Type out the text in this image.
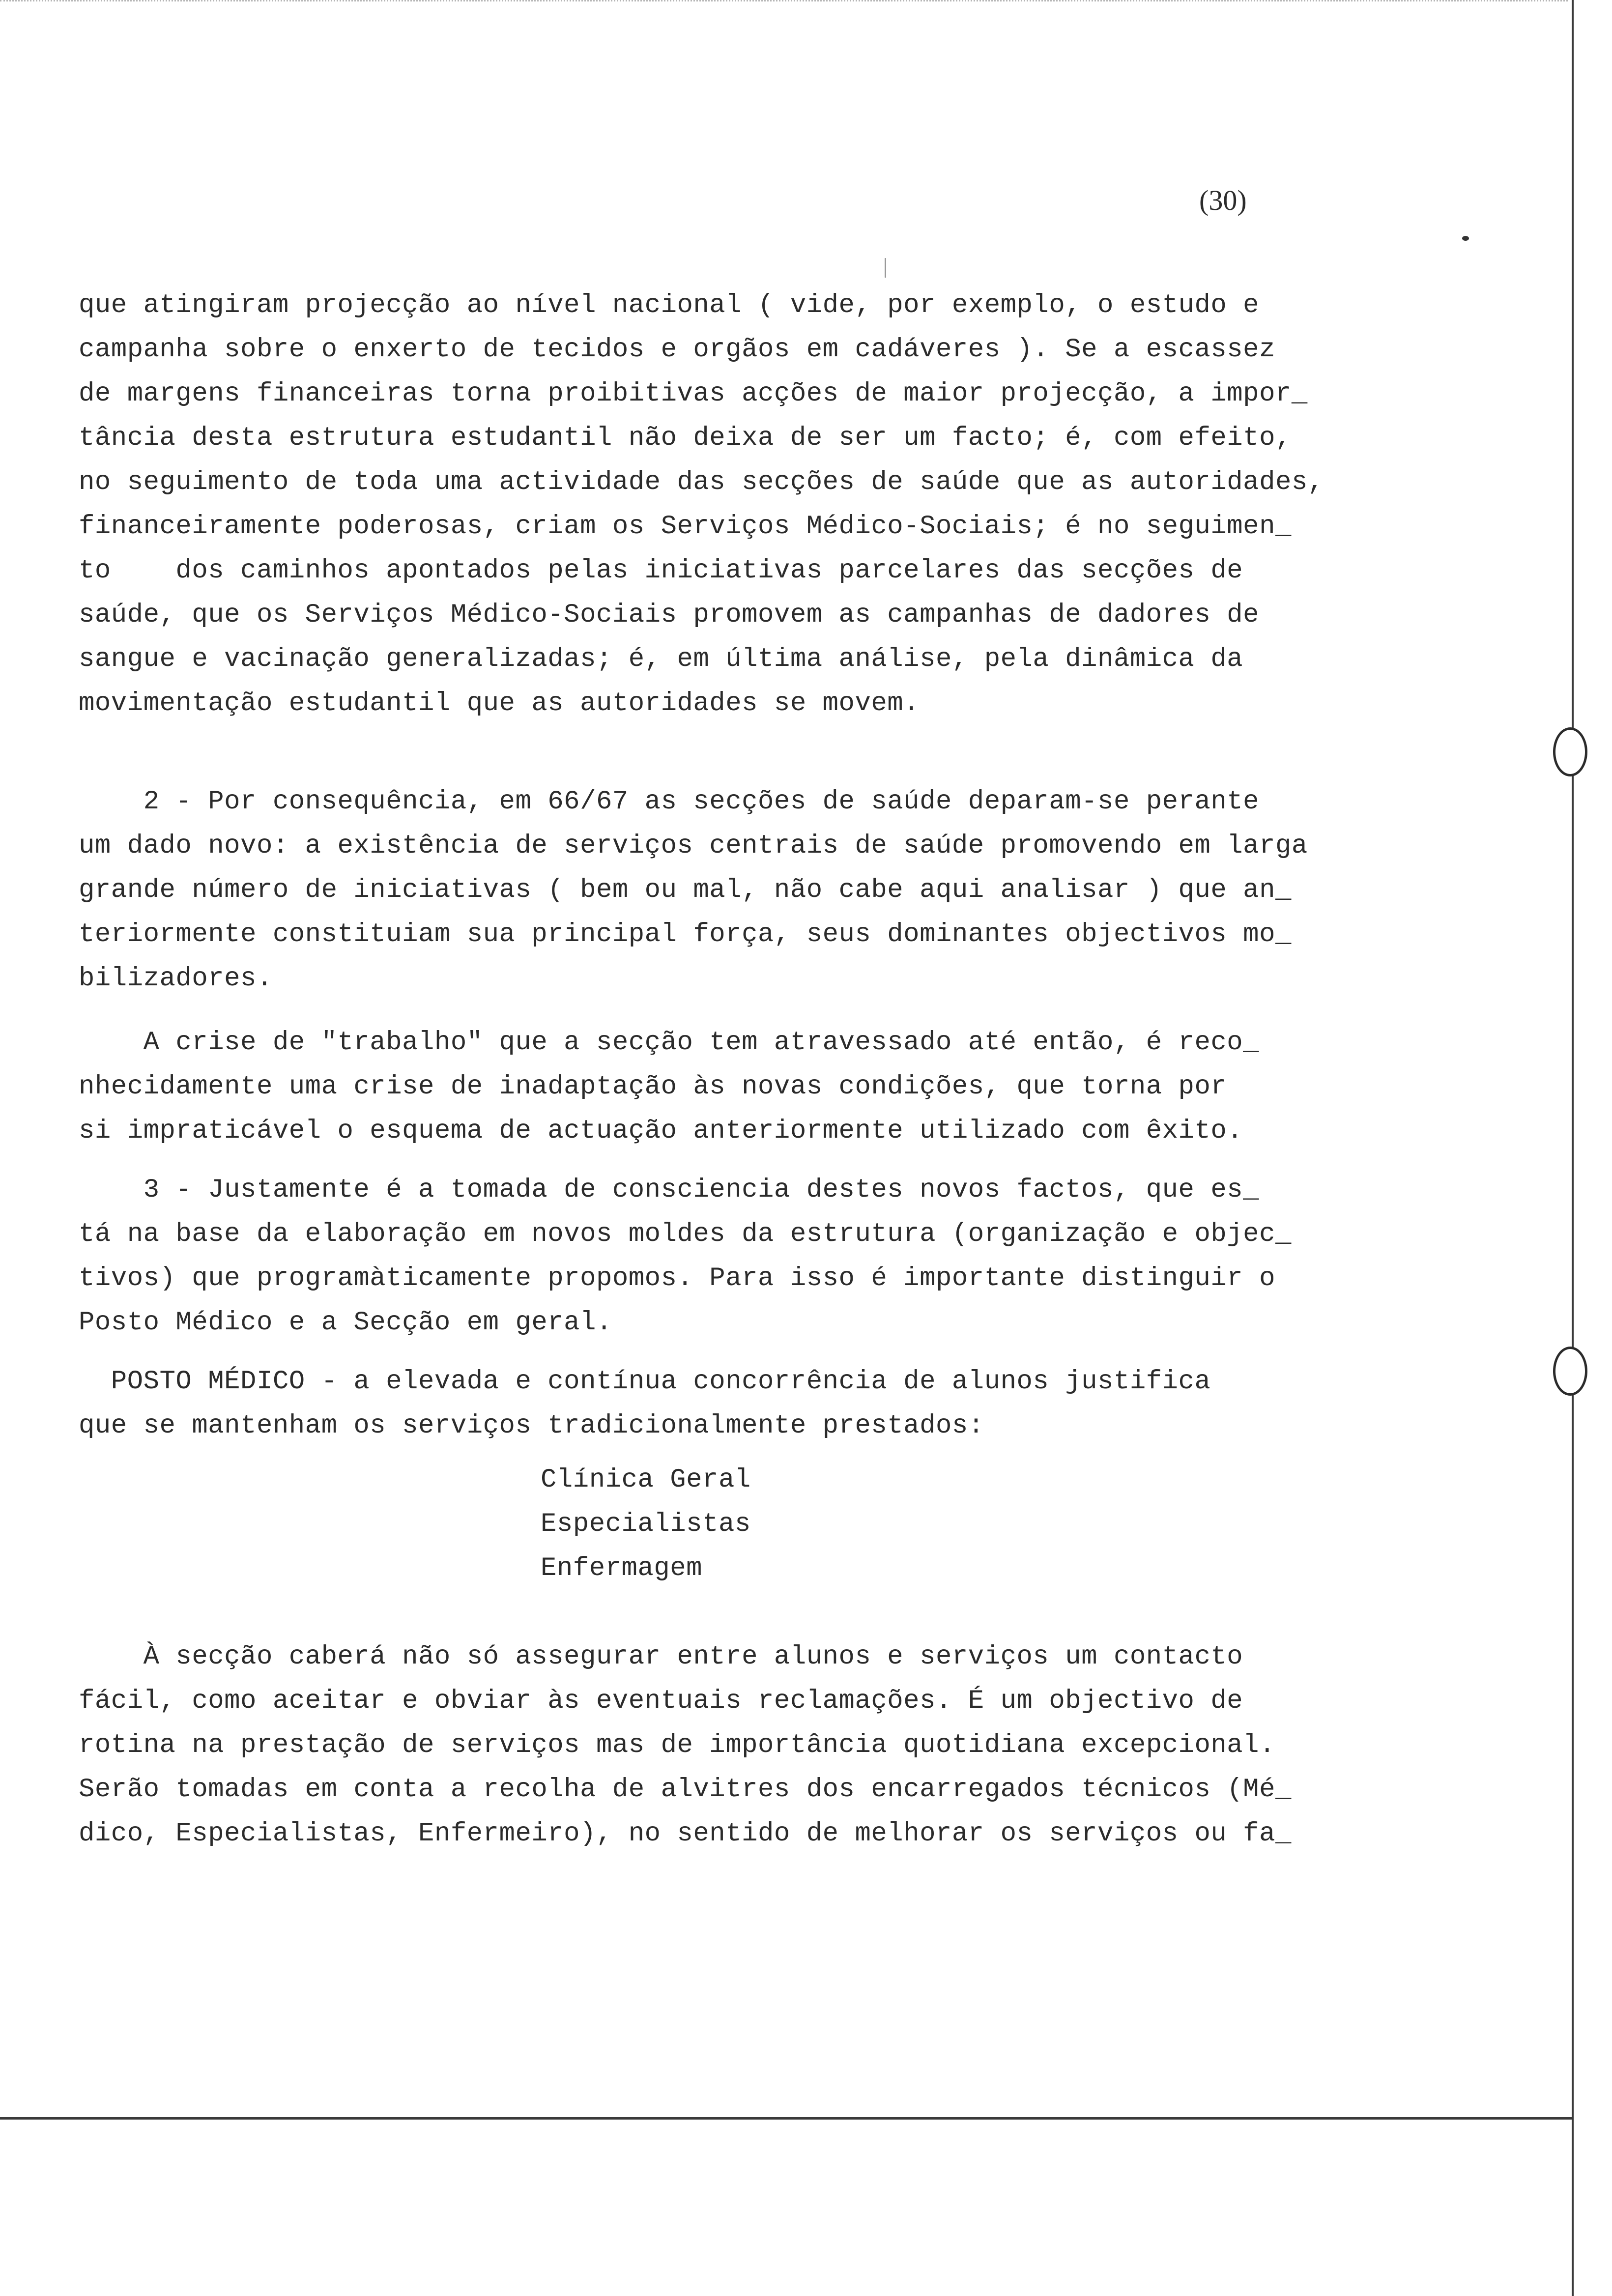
(30)
que atingiram projecção ao nível nacional ( vide, por exemplo, o estudo e
campanha sobre o enxerto de tecidos e orgãos em cadáveres ). Se a escassez
de margens financeiras torna proibitivas acções de maior projecção, a impor_
tância desta estrutura estudantil não deixa de ser um facto; é, com efeito,
no seguimento de toda uma actividade das secções de saúde que as autoridades,
financeiramente poderosas, criam os Serviços Médico-Sociais; é no seguimen_
to    dos caminhos apontados pelas iniciativas parcelares das secções de
saúde, que os Serviços Médico-Sociais promovem as campanhas de dadores de
sangue e vacinação generalizadas; é, em última análise, pela dinâmica da
movimentação estudantil que as autoridades se movem.
2 - Por consequência, em 66/67 as secções de saúde deparam-se perante
um dado novo: a existência de serviços centrais de saúde promovendo em larga
grande número de iniciativas ( bem ou mal, não cabe aqui analisar ) que an_
teriormente constituiam sua principal força, seus dominantes objectivos mo_
bilizadores.
A crise de "trabalho" que a secção tem atravessado até então, é reco_
nhecidamente uma crise de inadaptação às novas condições, que torna por
si impraticável o esquema de actuação anteriormente utilizado com êxito.
3 - Justamente é a tomada de consciencia destes novos factos, que es_
tá na base da elaboração em novos moldes da estrutura (organização e objec_
tivos) que programàticamente propomos. Para isso é importante distinguir o
Posto Médico e a Secção em geral.
POSTO MÉDICO - a elevada e contínua concorrência de alunos justifica
que se mantenham os serviços tradicionalmente prestados:
Clínica Geral
Especialistas
Enfermagem
À secção caberá não só assegurar entre alunos e serviços um contacto
fácil, como aceitar e obviar às eventuais reclamações. É um objectivo de
rotina na prestação de serviços mas de importância quotidiana excepcional.
Serão tomadas em conta a recolha de alvitres dos encarregados técnicos (Mé_
dico, Especialistas, Enfermeiro), no sentido de melhorar os serviços ou fa_
